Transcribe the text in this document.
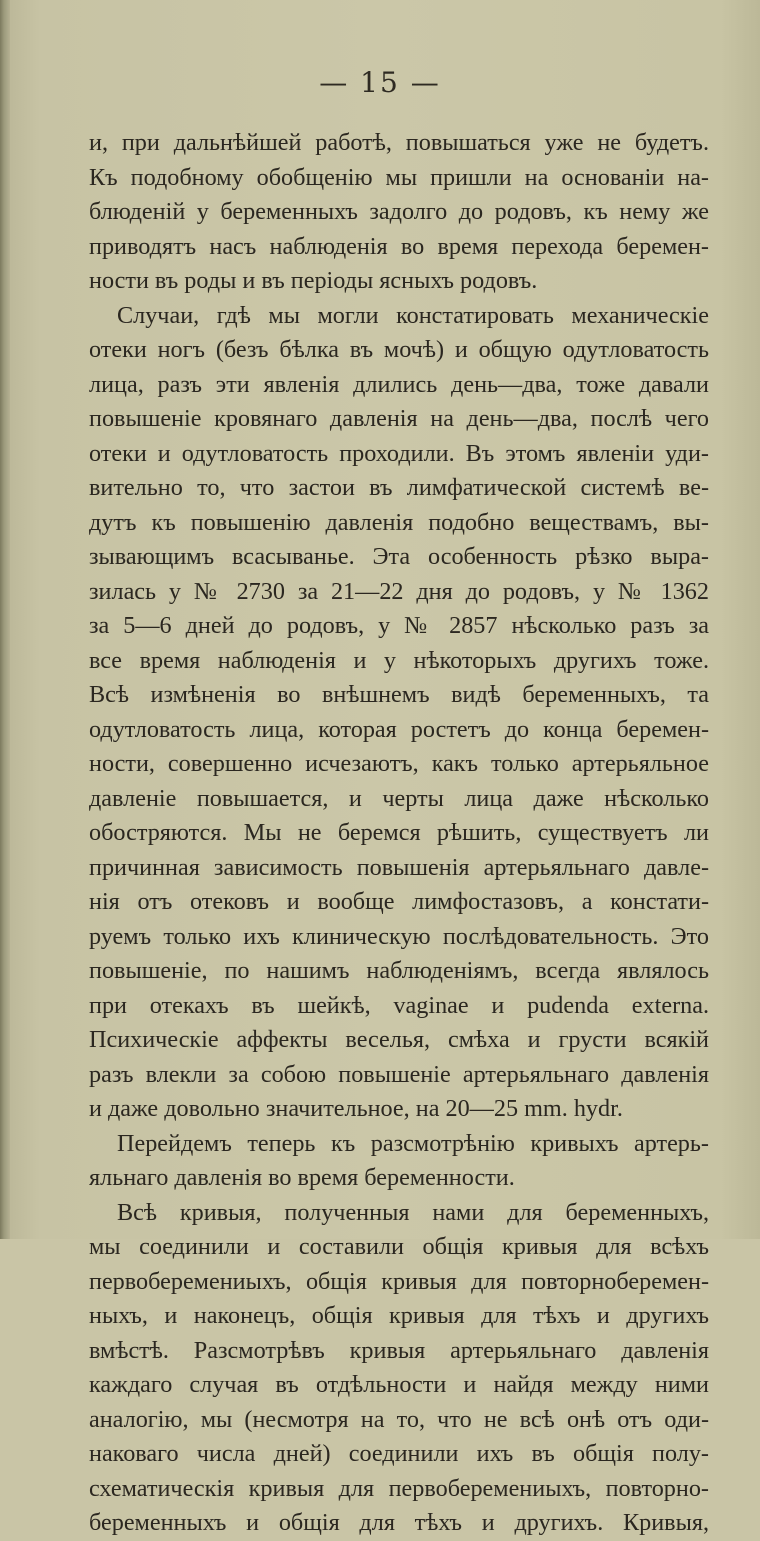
— 15 —
и, при дальнѣйшей работѣ, повышаться уже не будетъ.
Къ подобному обобщенію мы пришли на основаніи на-
блюденій у беременныхъ задолго до родовъ, къ нему же
приводятъ насъ наблюденія во время перехода беремен-
ности въ роды и въ періоды ясныхъ родовъ.
Случаи, гдѣ мы могли констатировать механическіе
отеки ногъ (безъ бѣлка въ мочѣ) и общую одутловатость
лица, разъ эти явленія длились день—два, тоже давали
повышеніе кровянаго давленія на день—два, послѣ чего
отеки и одутловатость проходили. Въ этомъ явленіи уди-
вительно то, что застои въ лимфатической системѣ ве-
дутъ къ повышенію давленія подобно веществамъ, вы-
зывающимъ всасыванье. Эта особенность рѣзко выра-
зилась у № 2730 за 21—22 дня до родовъ, у № 1362
за 5—6 дней до родовъ, у № 2857 нѣсколько разъ за
все время наблюденія и у нѣкоторыхъ другихъ тоже.
Всѣ измѣненія во внѣшнемъ видѣ беременныхъ, та
одутловатость лица, которая ростетъ до конца беремен-
ности, совершенно исчезаютъ, какъ только артерьяльное
давленіе повышается, и черты лица даже нѣсколько
обостряются. Мы не беремся рѣшить, существуетъ ли
причинная зависимость повышенія артерьяльнаго давле-
нія отъ отековъ и вообще лимфостазовъ, а констати-
руемъ только ихъ клиническую послѣдовательность. Это
повышеніе, по нашимъ наблюденіямъ, всегда являлось
при отекахъ въ шейкѣ, vaginae и pudenda externa.
Психическіе аффекты веселья, смѣха и грусти всякій
разъ влекли за собою повышеніе артерьяльнаго давленія
и даже довольно значительное, на 20—25 mm. hydr.
Перейдемъ теперь къ разсмотрѣнію кривыхъ артерь-
яльнаго давленія во время беременности.
Всѣ кривыя, полученныя нами для беременныхъ,
мы соединили и составили общія кривыя для всѣхъ
первоберемениыхъ, общія кривыя для повторноберемен-
ныхъ, и наконецъ, общія кривыя для тѣхъ и другихъ
вмѣстѣ. Разсмотрѣвъ кривыя артерьяльнаго давленія
каждаго случая въ отдѣльности и найдя между ними
аналогію, мы (несмотря на то, что не всѣ онѣ отъ оди-
наковаго числа дней) соединили ихъ въ общія полу-
схематическія кривыя для первоберемениыхъ, повторно-
беременныхъ и общія для тѣхъ и другихъ. Кривыя,
